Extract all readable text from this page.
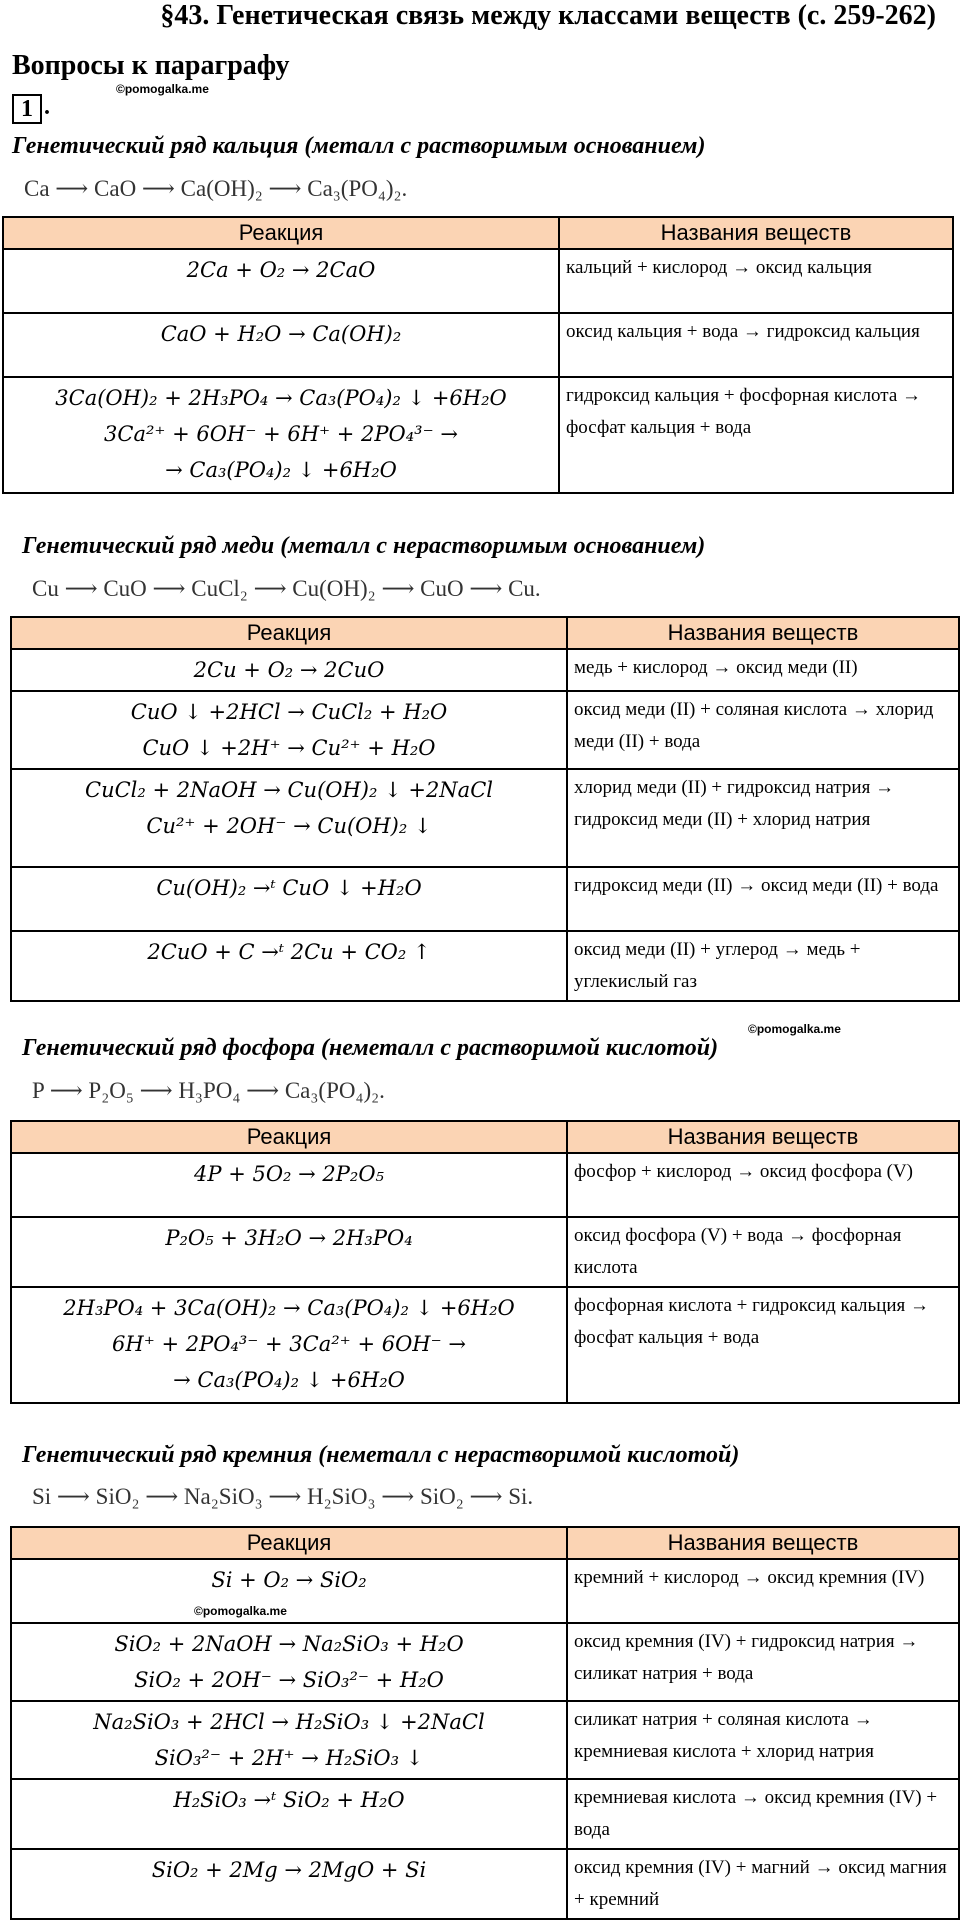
§43. Генетическая связь между классами веществ (с. 259-262)
Вопросы к параграфу
©pomogalka.me
1 .
Генетический ряд кальция (металл с растворимым основанием)
Ca ⟶ CaO ⟶ Ca(OH)₂ ⟶ Ca₃(PO₄)₂.
Реакция	Названия веществ

2Ca + O₂ → 2CaO	кальций + кислород → оксид кальция

CaO + H₂O → Ca(OH)₂	оксид кальция + вода → гидроксид кальция

3Ca(OH)₂ + 2H₃PO₄ → Ca₃(PO₄)₂ ↓ +6H₂O
3Ca²⁺ + 6OH⁻ + 6H⁺ + 2PO₄³⁻ →
→ Ca₃(PO₄)₂ ↓ +6H₂O	гидроксид кальция + фосфорная кислота → фосфат кальция + вода
Генетический ряд меди (металл с нерастворимым основанием)
Cu ⟶ CuO ⟶ CuCl₂ ⟶ Cu(OH)₂ ⟶ CuO ⟶ Cu.
Реакция	Названия веществ

2Cu + O₂ → 2CuO	медь + кислород → оксид меди (II)

CuO ↓ +2HCl → CuCl₂ + H₂O
CuO ↓ +2H⁺ → Cu²⁺ + H₂O	оксид меди (II) + соляная кислота → хлорид меди (II) + вода

CuCl₂ + 2NaOH → Cu(OH)₂ ↓ +2NaCl
Cu²⁺ + 2OH⁻ → Cu(OH)₂ ↓	хлорид меди (II) + гидроксид натрия → гидроксид меди (II) + хлорид натрия

Cu(OH)₂ →ᵗ CuO ↓ +H₂O	гидроксид меди (II) → оксид меди (II) + вода

2CuO + C →ᵗ 2Cu + CO₂ ↑	оксид меди (II) + углерод → медь + углекислый газ
©pomogalka.me
Генетический ряд фосфора (неметалл с растворимой кислотой)
P ⟶ P₂O₅ ⟶ H₃PO₄ ⟶ Ca₃(PO₄)₂.
Реакция	Названия веществ

4P + 5O₂ → 2P₂O₅	фосфор + кислород → оксид фосфора (V)

P₂O₅ + 3H₂O → 2H₃PO₄	оксид фосфора (V) + вода → фосфорная кислота

2H₃PO₄ + 3Ca(OH)₂ → Ca₃(PO₄)₂ ↓ +6H₂O
6H⁺ + 2PO₄³⁻ + 3Ca²⁺ + 6OH⁻ →
→ Ca₃(PO₄)₂ ↓ +6H₂O	фосфорная кислота + гидроксид кальция → фосфат кальция + вода
Генетический ряд кремния (неметалл с нерастворимой кислотой)
Si ⟶ SiO₂ ⟶ Na₂SiO₃ ⟶ H₂SiO₃ ⟶ SiO₂ ⟶ Si.
Реакция	Названия веществ

Si + O₂ → SiO₂	кремний + кислород → оксид кремния (IV)

SiO₂ + 2NaOH → Na₂SiO₃ + H₂O
SiO₂ + 2OH⁻ → SiO₃²⁻ + H₂O	оксид кремния (IV) + гидроксид натрия → силикат натрия + вода

Na₂SiO₃ + 2HCl → H₂SiO₃ ↓ +2NaCl
SiO₃²⁻ + 2H⁺ → H₂SiO₃ ↓	силикат натрия + соляная кислота → кремниевая кислота + хлорид натрия

H₂SiO₃ →ᵗ SiO₂ + H₂O	кремниевая кислота → оксид кремния (IV) + вода

SiO₂ + 2Mg → 2MgO + Si	оксид кремния (IV) + магний → оксид магния + кремний
©pomogalka.me
